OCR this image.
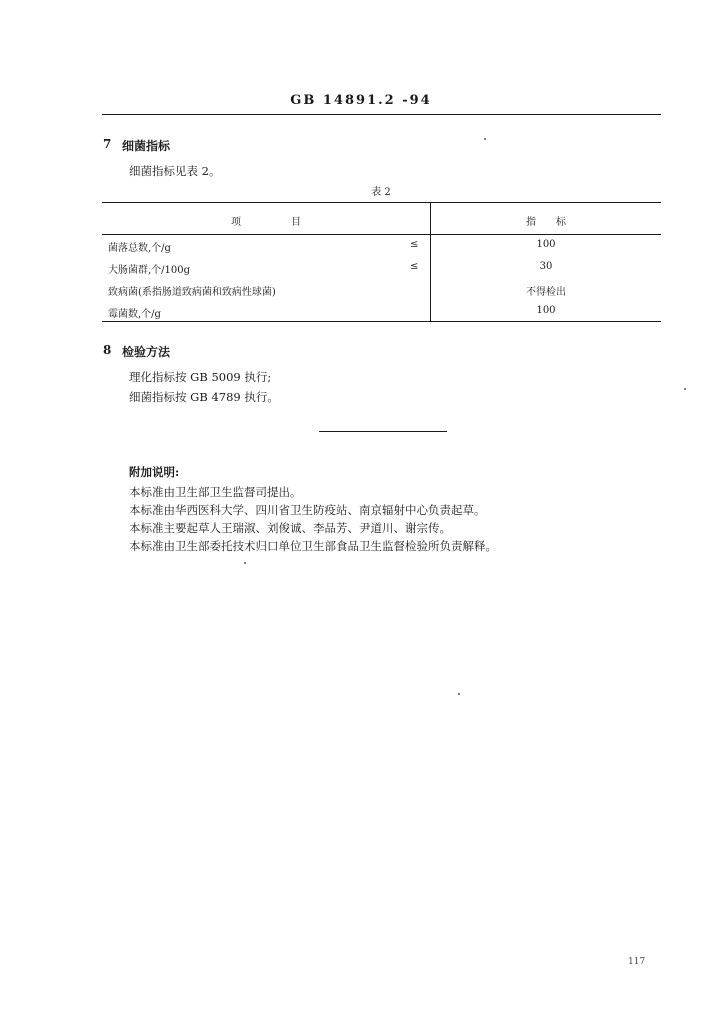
GB 14891.2 -94
7 细菌指标
细菌指标见表 2。
表 2
项　　　　　目	指　　标
菌落总数,个/g	≤	100
大肠菌群,个/100g	≤	30
致病菌(系指肠道致病菌和致病性球菌)	不得检出
霉菌数,个/g	100
8 检验方法
理化指标按 GB 5009 执行;
细菌指标按 GB 4789 执行。
附加说明:
本标准由卫生部卫生监督司提出。
本标准由华西医科大学、四川省卫生防疫站、南京辐射中心负责起草。
本标准主要起草人王瑞淑、刘俊诚、李品芳、尹道川、谢宗传。
本标准由卫生部委托技术归口单位卫生部食品卫生监督检验所负责解释。
117
